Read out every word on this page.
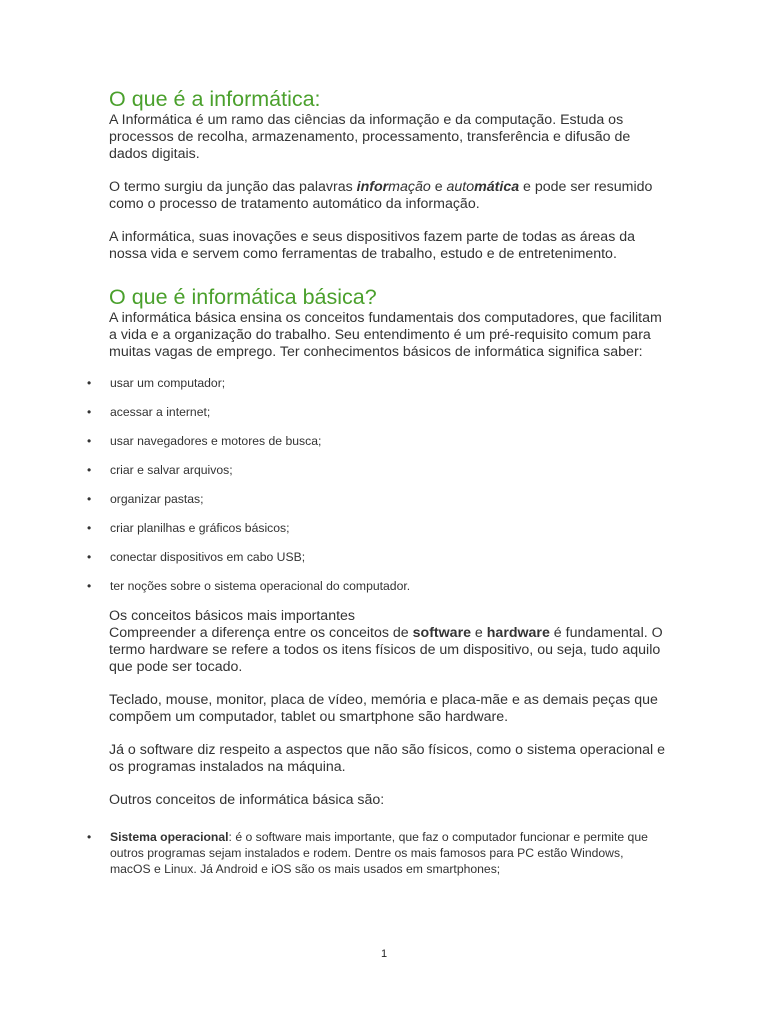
O que é a informática:

A Informática é um ramo das ciências da informação e da computação. Estuda os processos de recolha, armazenamento, processamento, transferência e difusão de dados digitais.

O termo surgiu da junção das palavras informação e automática e pode ser resumido como o processo de tratamento automático da informação.

A informática, suas inovações e seus dispositivos fazem parte de todas as áreas da nossa vida e servem como ferramentas de trabalho, estudo e de entretenimento.

O que é informática básica?

A informática básica ensina os conceitos fundamentais dos computadores, que facilitam a vida e a organização do trabalho. Seu entendimento é um pré-requisito comum para muitas vagas de emprego. Ter conhecimentos básicos de informática significa saber:

• usar um computador;
• acessar a internet;
• usar navegadores e motores de busca;
• criar e salvar arquivos;
• organizar pastas;
• criar planilhas e gráficos básicos;
• conectar dispositivos em cabo USB;
• ter noções sobre o sistema operacional do computador.

Os conceitos básicos mais importantes

Compreender a diferença entre os conceitos de software e hardware é fundamental. O termo hardware se refere a todos os itens físicos de um dispositivo, ou seja, tudo aquilo que pode ser tocado.

Teclado, mouse, monitor, placa de vídeo, memória e placa-mãe e as demais peças que compõem um computador, tablet ou smartphone são hardware.

Já o software diz respeito a aspectos que não são físicos, como o sistema operacional e os programas instalados na máquina.

Outros conceitos de informática básica são:

• Sistema operacional: é o software mais importante, que faz o computador funcionar e permite que outros programas sejam instalados e rodem. Dentre os mais famosos para PC estão Windows, macOS e Linux. Já Android e iOS são os mais usados em smartphones;
1
